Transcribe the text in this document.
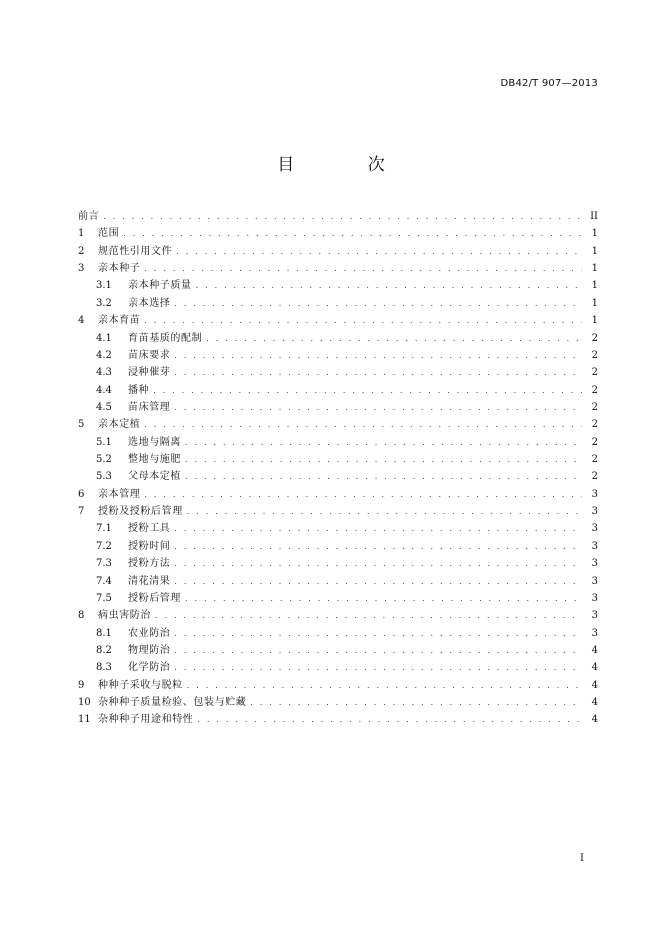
DB42/T 907—2013
目 次
前言 . . .	II
1	范围 . . .	1
2	规范性引用文件 . . .	1
3	亲本种子 . . .	1
3.1	亲本种子质量 . . .	1
3.2	亲本选择 . . .	1
4	亲本育苗 . . .	1
4.1	育苗基质的配制 . . .	2
4.2	苗床要求 . . .	2
4.3	浸种催芽 . . .	2
4.4	播种 . . .	2
4.5	苗床管理 . . .	2
5	亲本定植 . . .	2
5.1	选地与隔离 . . .	2
5.2	整地与施肥 . . .	2
5.3	父母本定植 . . .	2
6	亲本管理 . . .	3
7	授粉及授粉后管理 . . .	3
7.1	授粉工具 . . .	3
7.2	授粉时间 . . .	3
7.3	授粉方法 . . .	3
7.4	清花清果 . . .	3
7.5	授粉后管理 . . .	3
8	病虫害防治 . . .	3
8.1	农业防治 . . .	3
8.2	物理防治 . . .	4
8.3	化学防治 . . .	4
9	种种子采收与脱粒 . . .	4
10 杂种种子质量检验、包装与贮藏 . . .	4
11 杂种种子用途和特性 . . .	4
I
